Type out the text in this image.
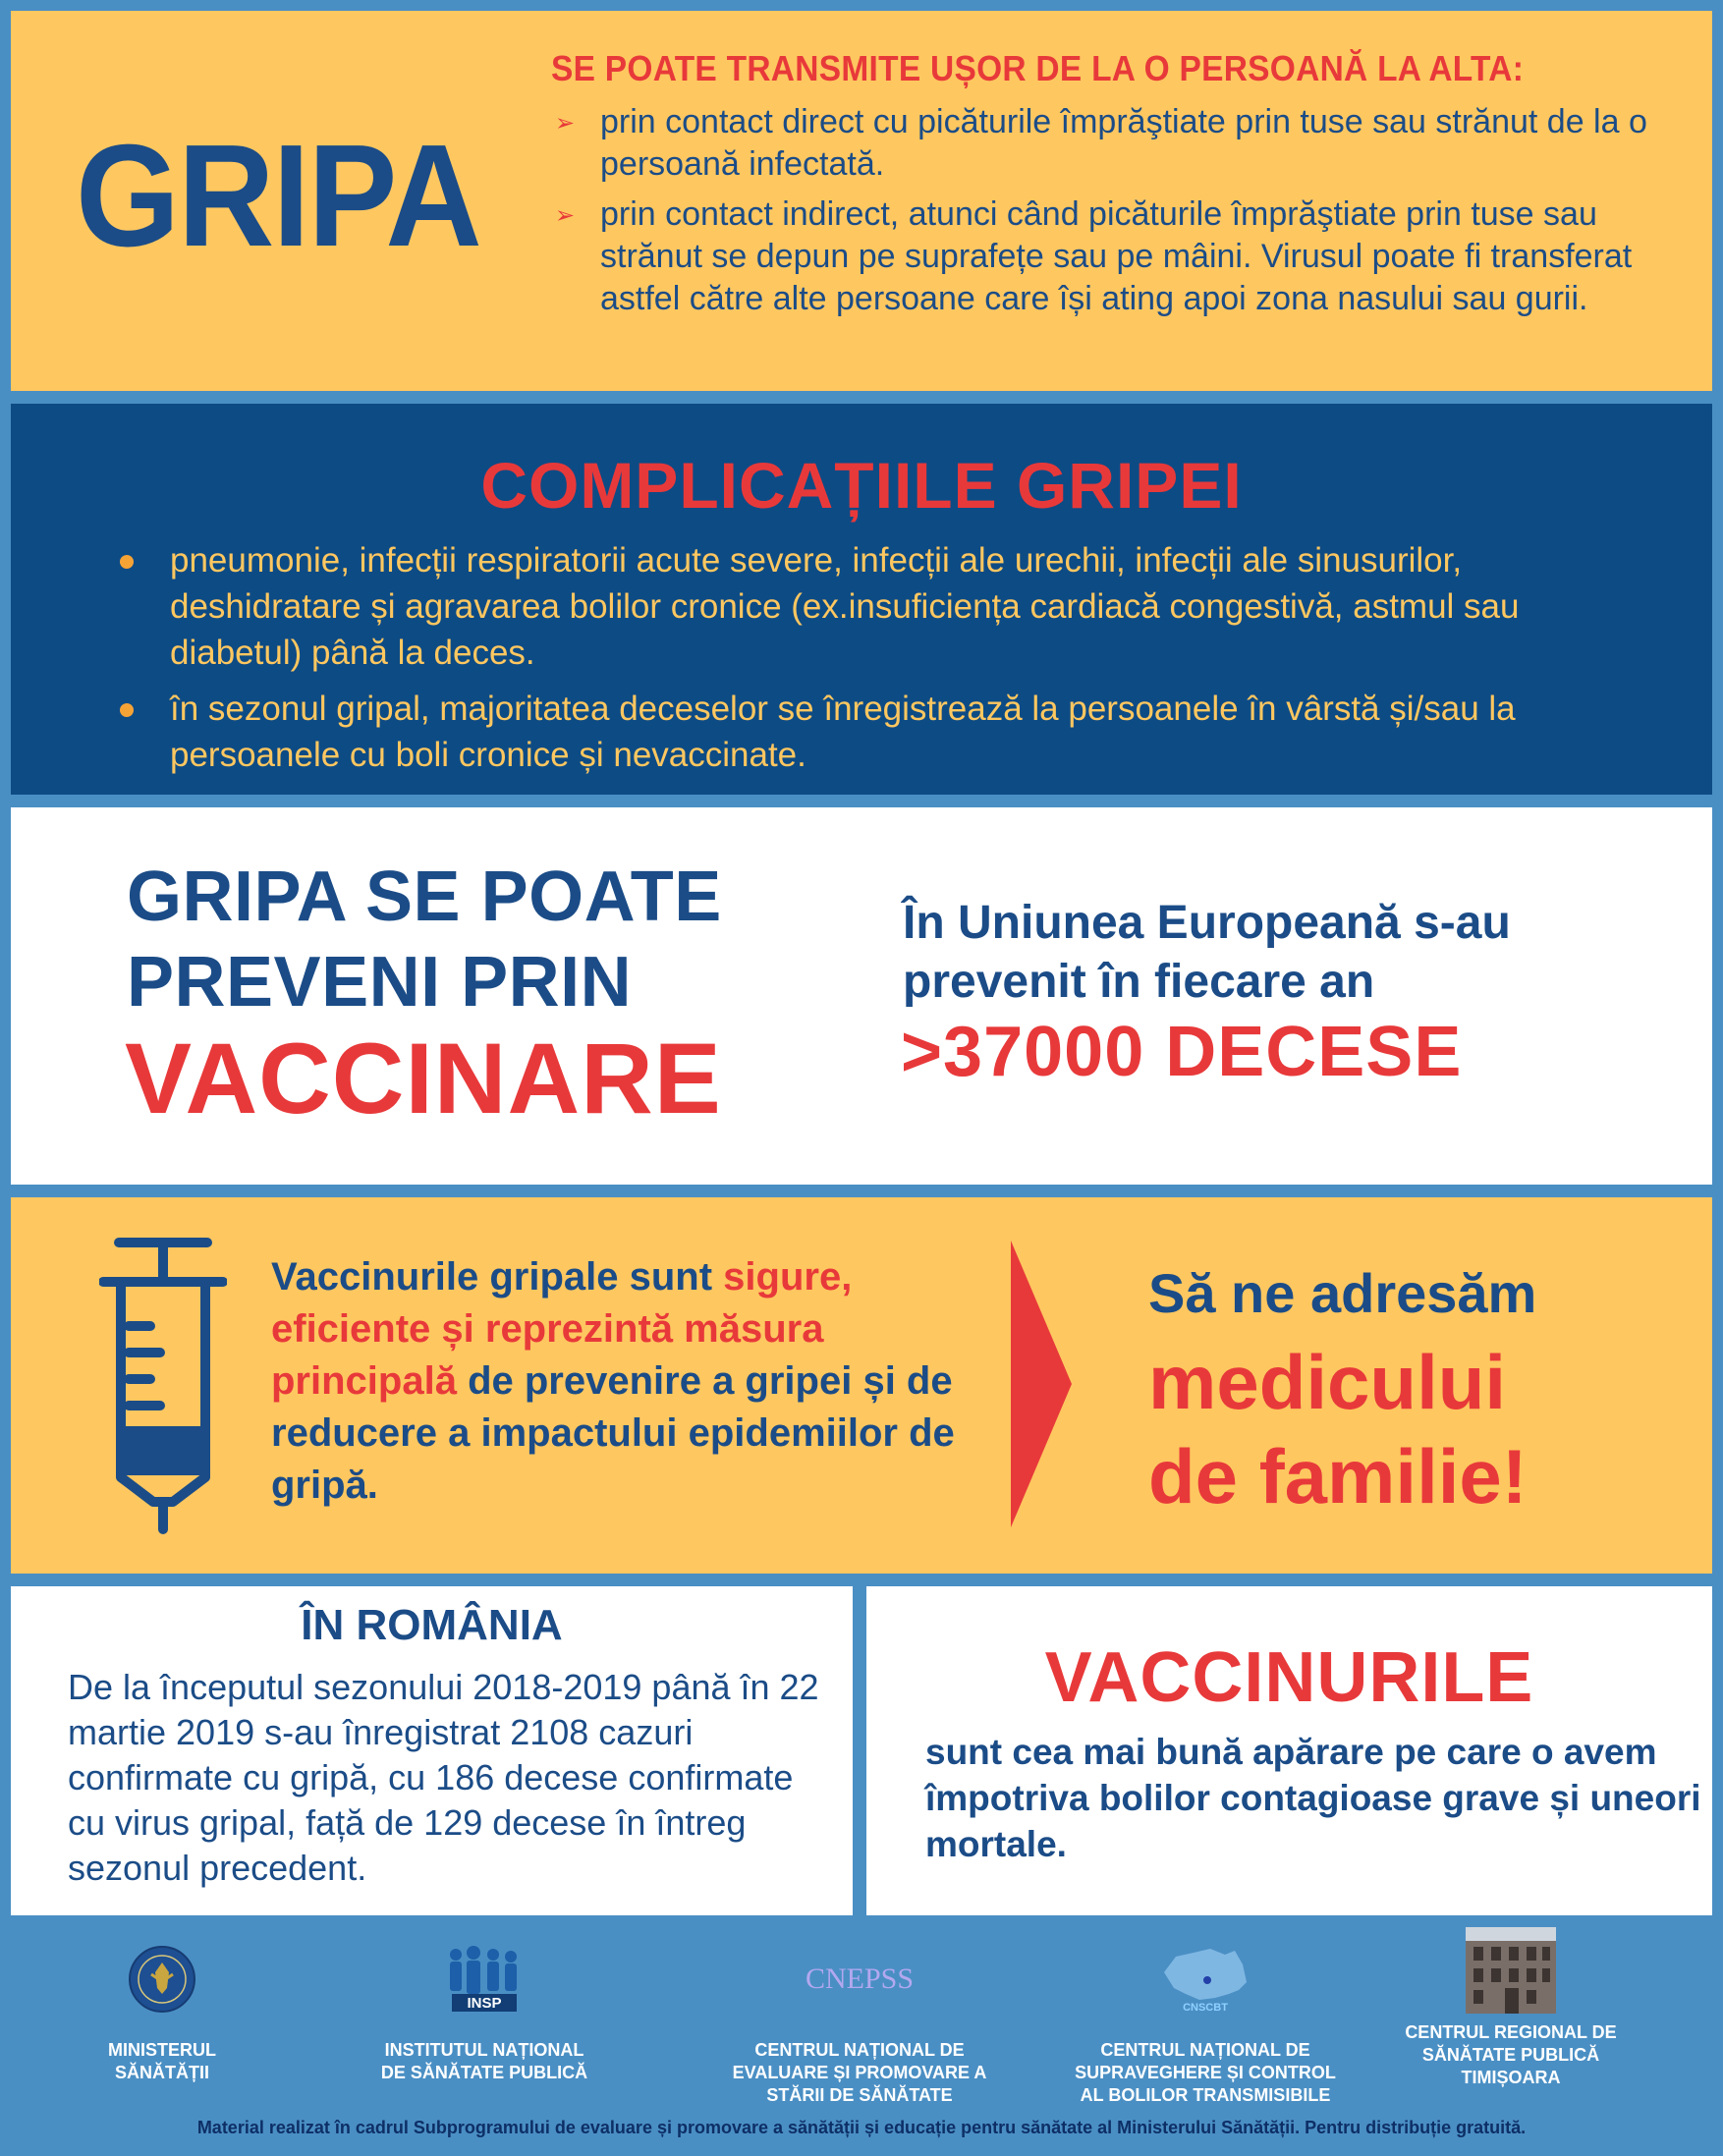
GRIPA
SE POATE TRANSMITE UȘOR DE LA O PERSOANĂ LA ALTA:
➢ prin contact direct cu picăturile împrăştiate prin tuse sau strănut de la o persoană infectată.
➢ prin contact indirect, atunci când picăturile împrăştiate prin tuse sau strănut se depun pe suprafețe sau pe mâini. Virusul poate fi transferat astfel către alte persoane care își ating apoi zona nasului sau gurii.
COMPLICAȚIILE GRIPEI
pneumonie, infecții respiratorii acute severe, infecții ale urechii, infecții ale sinusurilor, deshidratare și agravarea bolilor cronice (ex.insuficiența cardiacă congestivă, astmul sau diabetul) până la deces.
în sezonul gripal, majoritatea deceselor se înregistrează la persoanele în vârstă și/sau la persoanele cu boli cronice și nevaccinate.
GRIPA SE POATE
PREVENI PRIN
VACCINARE
În Uniunea Europeană s-au
prevenit în fiecare an
>37000 DECESE
Vaccinurile gripale sunt sigure, eficiente și reprezintă măsura principală de prevenire a gripei și de reducere a impactului epidemiilor de gripă.
Să ne adresăm
medicului
de familie!
ÎN ROMÂNIA
De la începutul sezonului 2018-2019 până în 22 martie 2019 s-au înregistrat 2108 cazuri confirmate cu gripă, cu 186 decese confirmate cu virus gripal, față de 129 decese în întreg sezonul precedent.
VACCINURILE
sunt cea mai bună apărare pe care o avem împotriva bolilor contagioase grave și uneori mortale.
MINISTERUL
SĂNĂTĂȚII
INSP
INSTITUTUL NAȚIONAL
DE SĂNĂTATE PUBLICĂ
CNEPSS
CENTRUL NAȚIONAL DE
EVALUARE ȘI PROMOVARE A
STĂRII DE SĂNĂTATE
CNSCBT
CENTRUL NAȚIONAL DE
SUPRAVEGHERE ȘI CONTROL
AL BOLILOR TRANSMISIBILE
CENTRUL REGIONAL DE
SĂNĂTATE PUBLICĂ
TIMIȘOARA
Material realizat în cadrul Subprogramului de evaluare și promovare a sănătății și educație pentru sănătate al Ministerului Sănătății. Pentru distribuție gratuită.
